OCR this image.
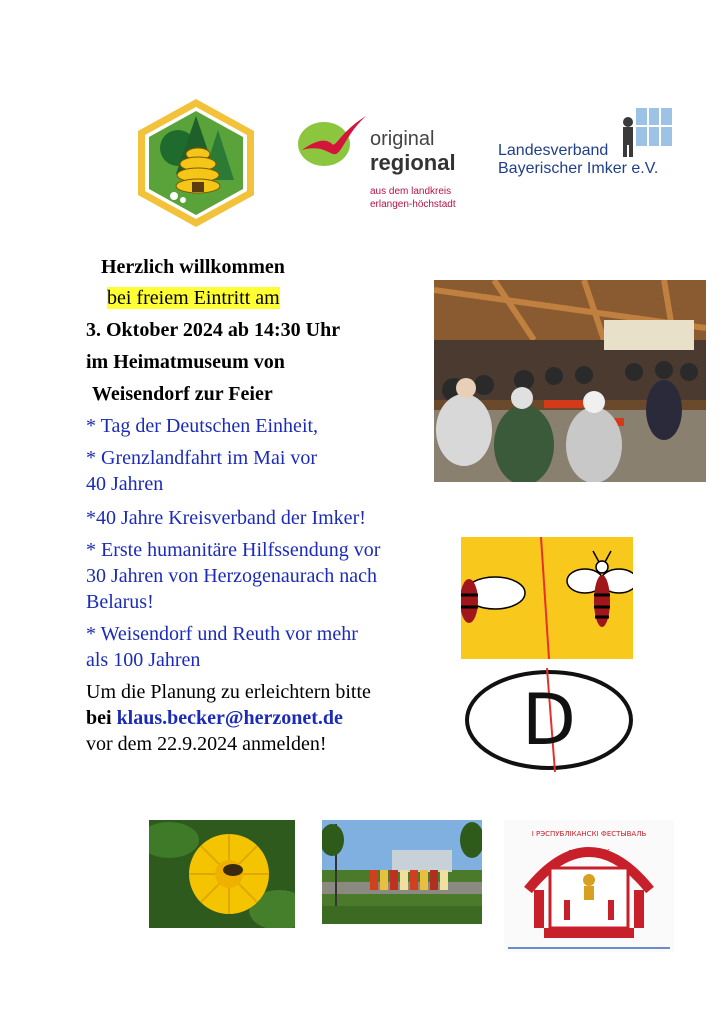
original
regional
aus dem landkreis
erlangen-höchstadt
Landesverband
Bayerischer Imker e.V.
Herzlich willkommen
bei freiem Eintritt am
3. Oktober 2024 ab 14:30 Uhr
im Heimatmuseum von
Weisendorf zur Feier
* Tag der Deutschen Einheit,
* Grenzlandfahrt im Mai vor
40 Jahren
*40 Jahre Kreisverband der Imker!
* Erste humanitäre Hilfssendung vor
30 Jahren von Herzogenaurach nach
Belarus!
* Weisendorf und Reuth vor mehr
als 100 Jahren
Um die Planung zu erleichtern bitte
bei klaus.becker@herzonet.de
vor dem 22.9.2024 anmelden!	D
I РЭСПУБЛІКАНСКІ ФЕСТЫВАЛЬ
г. ЧАЧЭРСК
